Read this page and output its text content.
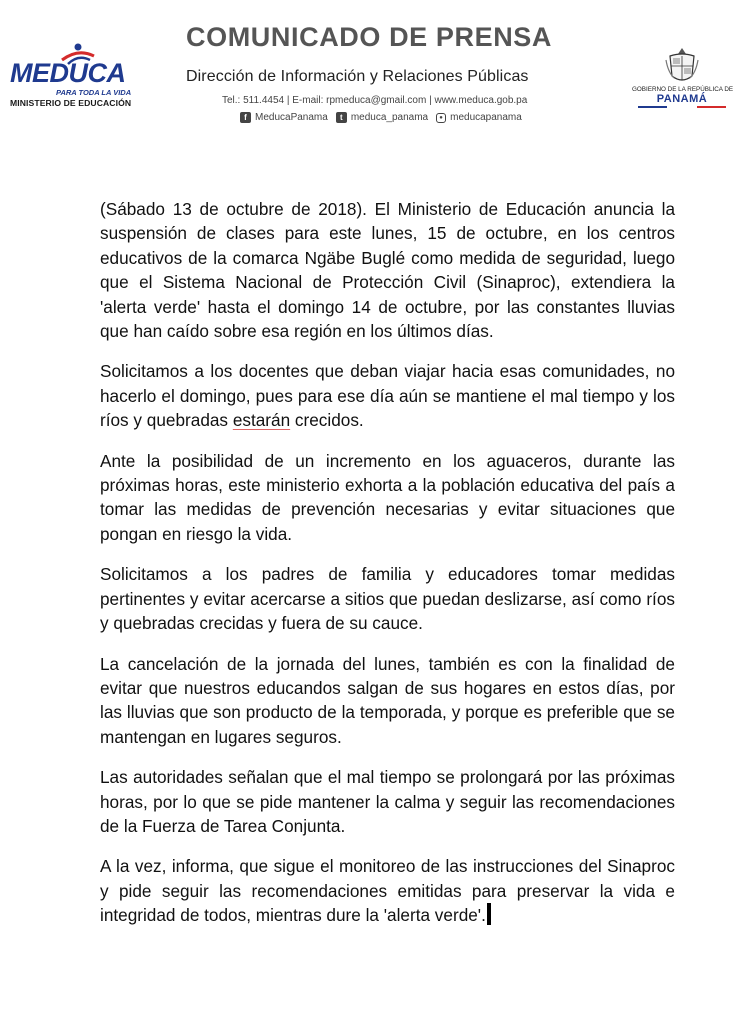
MEDUCA
PARA TODA LA VIDA
MINISTERIO DE EDUCACIÓN
COMUNICADO DE PRENSA
Dirección de Información y Relaciones Públicas
Tel.: 511.4454 | E-mail: rpmeduca@gmail.com | www.meduca.gob.pa
f MeducaPanama	t meduca_panama	● meducapanama
GOBIERNO DE LA REPÚBLICA DE
PANAMÁ

(Sábado 13 de octubre de 2018). El Ministerio de Educación anuncia la suspensión de clases para este lunes, 15 de octubre, en los centros educativos de la comarca Ngäbe Buglé como medida de seguridad, luego que el Sistema Nacional de Protección Civil (Sinaproc), extendiera la 'alerta verde' hasta el domingo 14 de octubre, por las constantes lluvias que han caído sobre esa región en los últimos días.

Solicitamos a los docentes que deban viajar hacia esas comunidades, no hacerlo el domingo, pues para ese día aún se mantiene el mal tiempo y los ríos y quebradas estarán crecidos.

Ante la posibilidad de un incremento en los aguaceros, durante las próximas horas, este ministerio exhorta a la población educativa del país a tomar las medidas de prevención necesarias y evitar situaciones que pongan en riesgo la vida.

Solicitamos a los padres de familia y educadores tomar medidas pertinentes y evitar acercarse a sitios que puedan deslizarse, así como ríos y quebradas crecidas y fuera de su cauce.

La cancelación de la jornada del lunes, también es con la finalidad de evitar que nuestros educandos salgan de sus hogares en estos días, por las lluvias que son producto de la temporada, y porque es preferible que se mantengan en lugares seguros.

Las autoridades señalan que el mal tiempo se prolongará por las próximas horas, por lo que se pide mantener la calma y seguir las recomendaciones de la Fuerza de Tarea Conjunta.

A la vez, informa, que sigue el monitoreo de las instrucciones del Sinaproc y pide seguir las recomendaciones emitidas para preservar la vida e integridad de todos, mientras dure la 'alerta verde'.
